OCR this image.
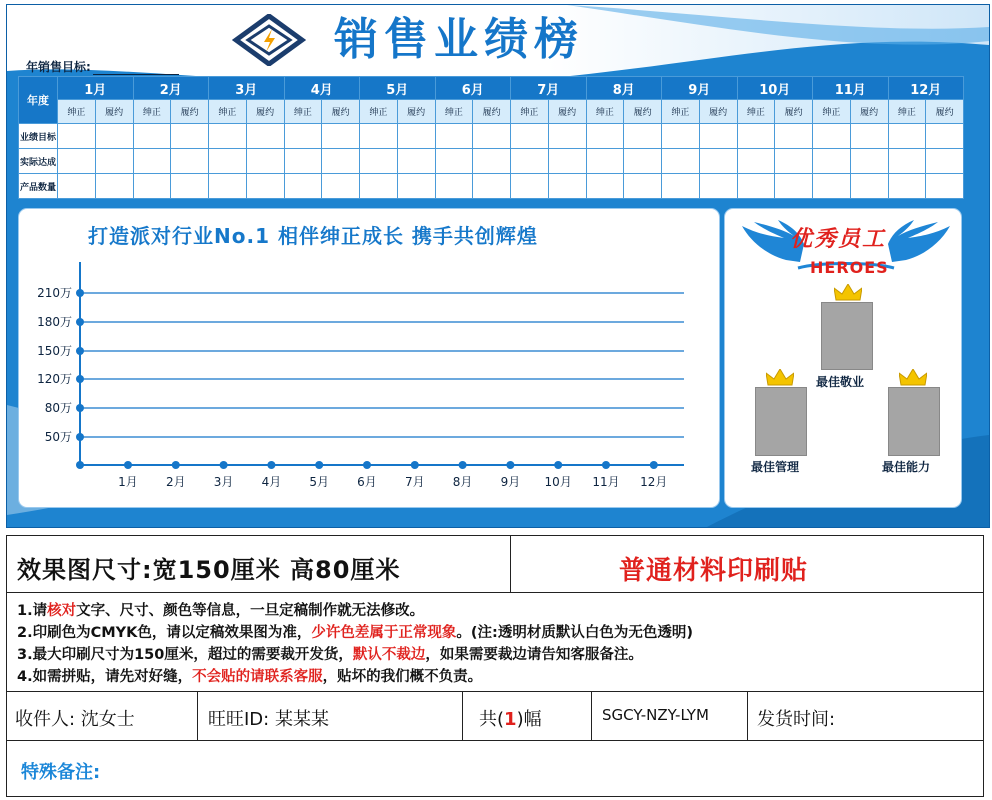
销售业绩榜
年销售目标:
年度	1月		2月		3月		4月		5月		6月		7月		8月		9月		10月		11月		12月	
	绅正	履约	绅正	履约	绅正	履约	绅正	履约	绅正	履约	绅正	履约	绅正	履约	绅正	履约	绅正	履约	绅正	履约	绅正	履约	绅正	履约
业绩目标																								
实际达成																								
产品数量																								
打造派对行业No.1 相伴绅正成长 携手共创辉煌
50万
80万
120万
150万
180万
210万
1月 2月 3月 4月 5月 6月 7月 8月 9月 10月 11月 12月
优秀员工
HEROES
最佳敬业
最佳管理	最佳能力
效果图尺寸:宽150厘米 高80厘米	普通材料印刷贴
1.请核对文字、尺寸、颜色等信息，一旦定稿制作就无法修改。
2.印刷色为CMYK色，请以定稿效果图为准，少许色差属于正常现象。(注:透明材质默认白色为无色透明)
3.最大印刷尺寸为150厘米，超过的需要裁开发货，默认不裁边，如果需要裁边请告知客服备注。
4.如需拼贴，请先对好缝，不会贴的请联系客服，贴坏的我们概不负责。
收件人: 沈女士	旺旺ID: 某某某	共(1)幅	SGCY-NZY-LYM	发货时间:
特殊备注:
